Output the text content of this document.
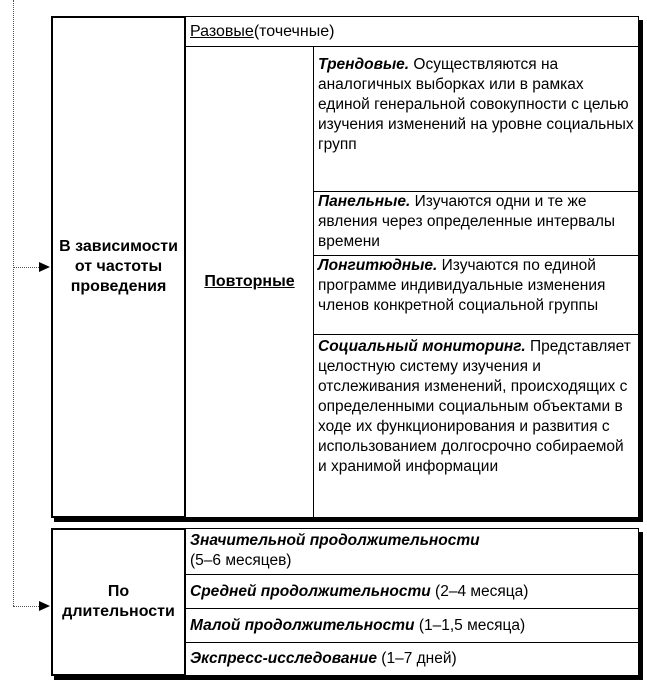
В зависимости от частоты проведения
Разовые (точечные)
Повторные
Трендовые. Осуществляются на аналогичных выборках или в рамках единой генеральной совокупности с целью изучения изменений на уровне социальных групп
Панельные. Изучаются одни и те же явления через определенные интервалы времени
Лонгитюдные. Изучаются по единой программе индивидуальные изменения членов конкретной социальной группы
Социальный мониторинг. Представляет целостную систему изучения и отслеживания изменений, происходящих с определенными социальным объектами в ходе их функционирования и развития с использованием долгосрочно собираемой и хранимой информации
По длительности
Значительной продолжительности
(5–6 месяцев)
Средней продолжительности (2–4 месяца)
Малой продолжительности (1–1,5 месяца)
Экспресс-исследование (1–7 дней)
